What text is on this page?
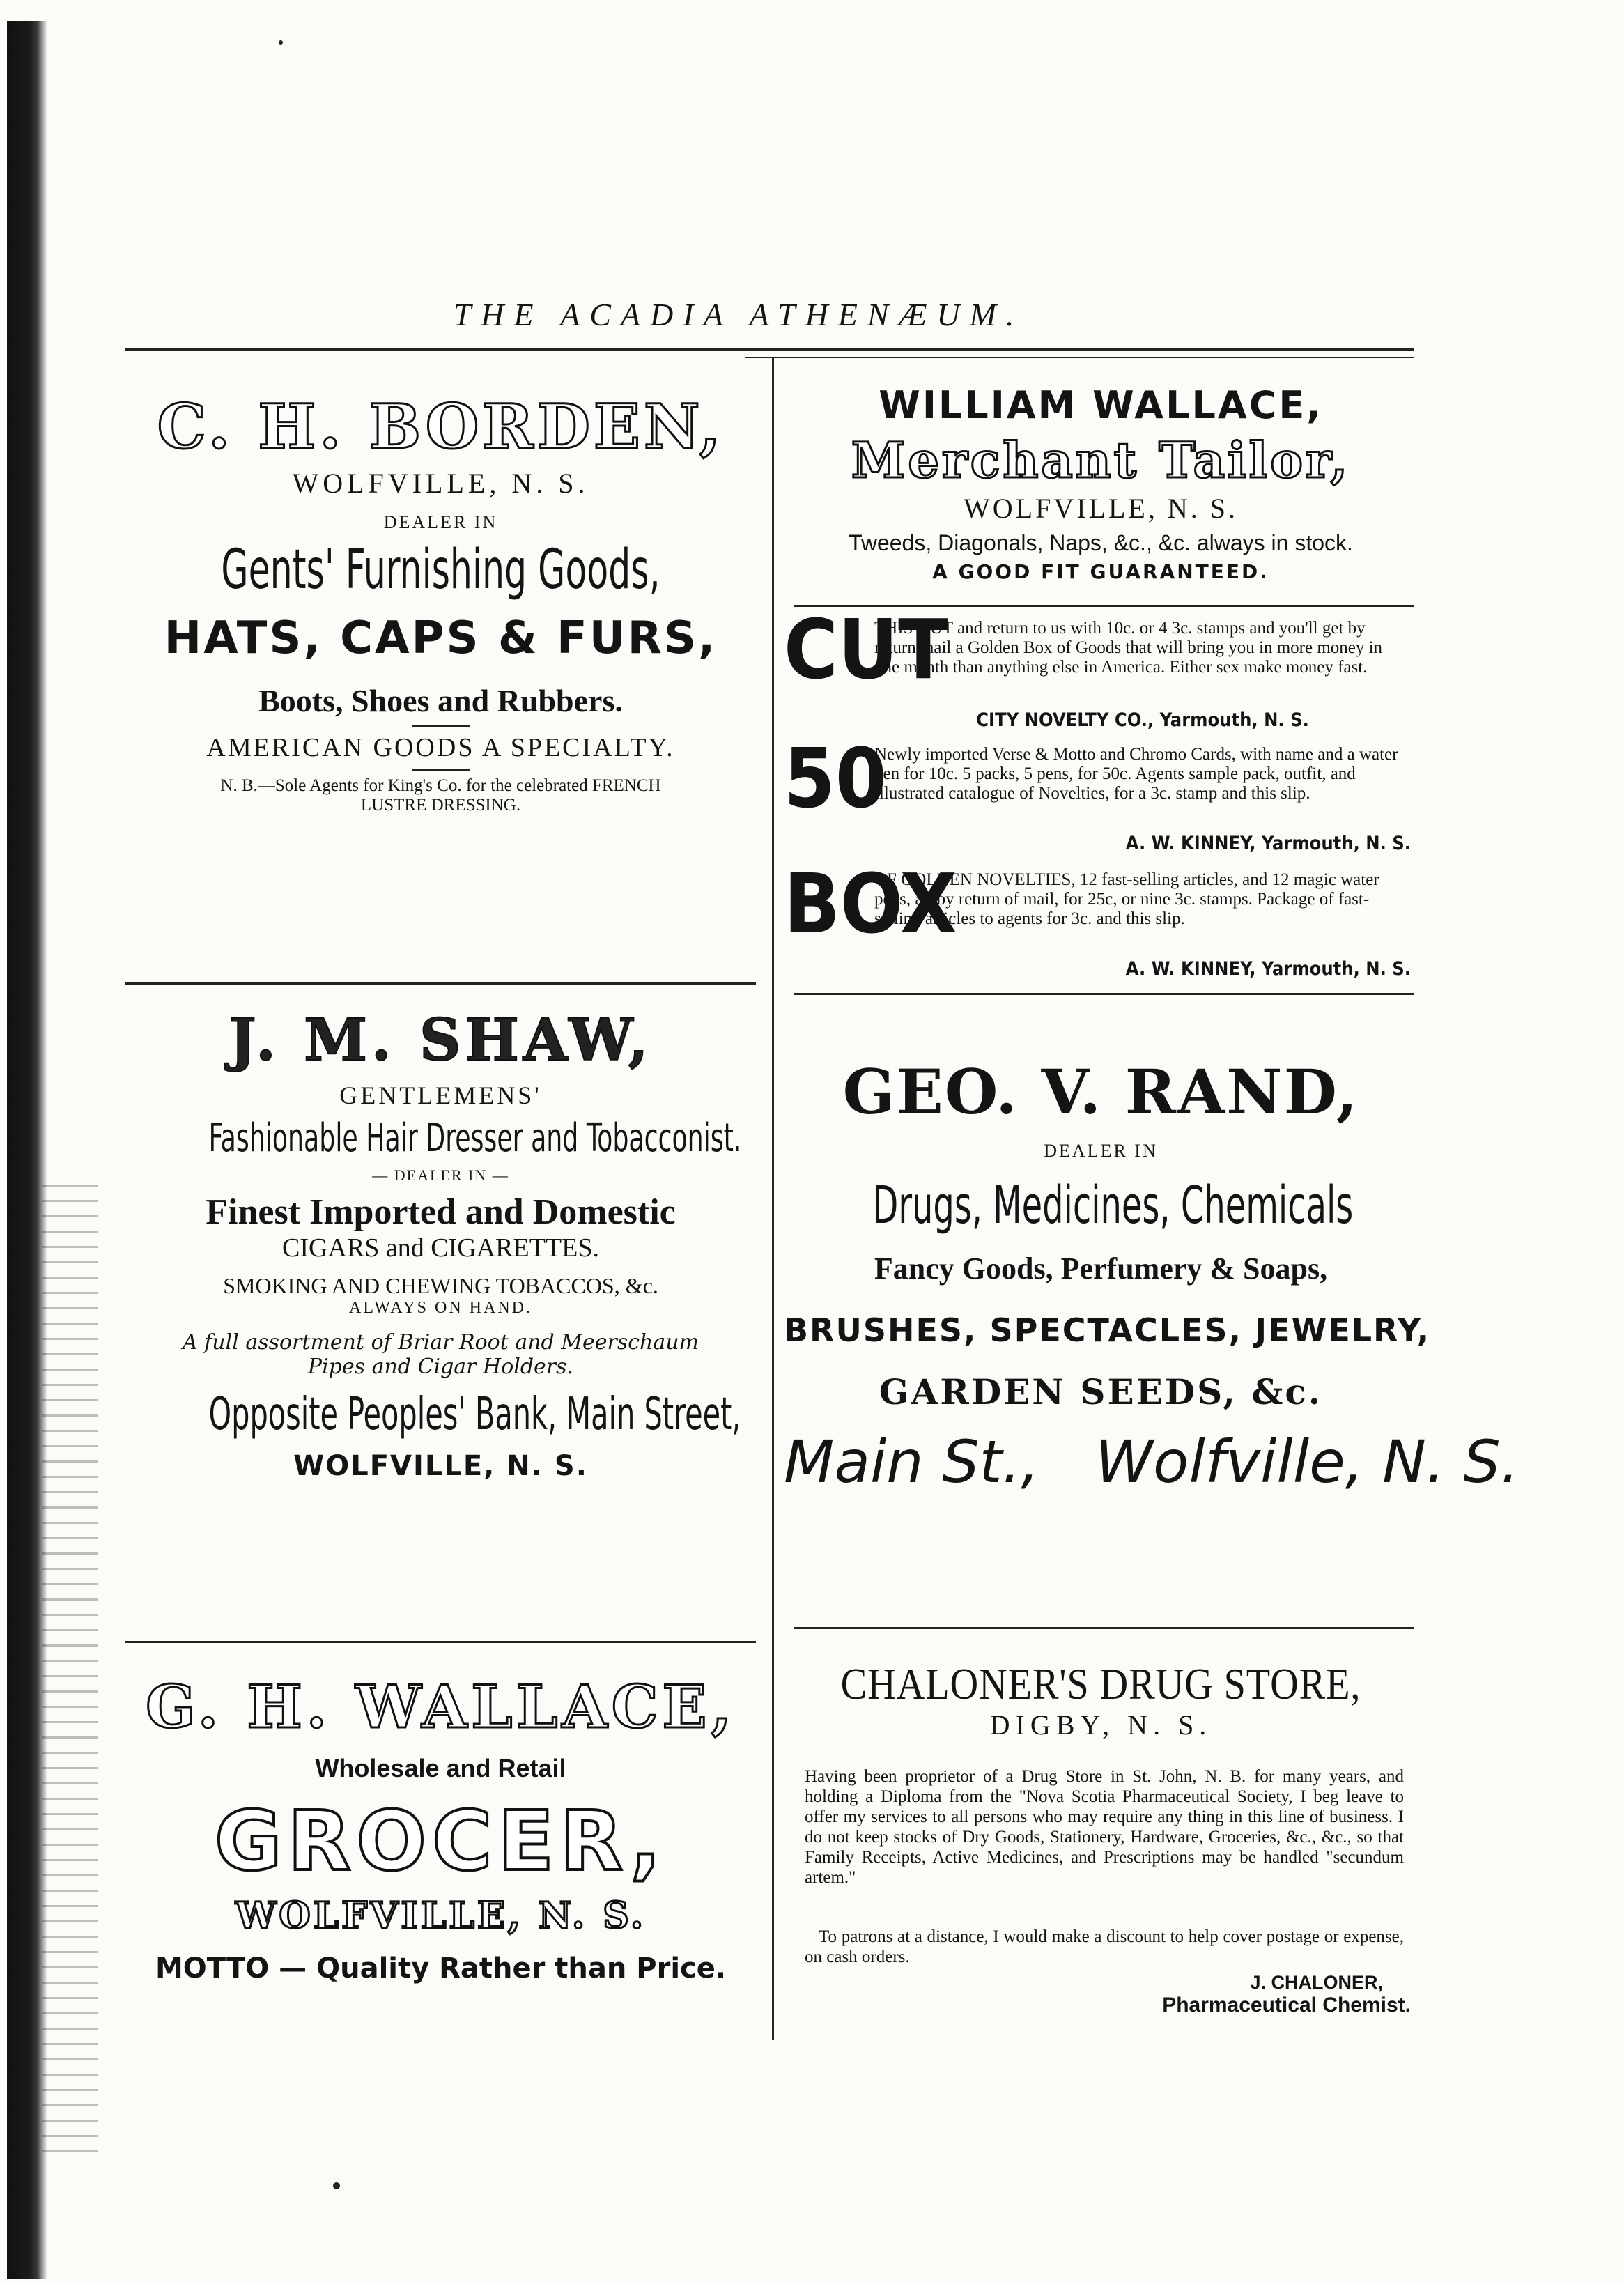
THE ACADIA ATHENÆUM.
C. H. BORDEN,
WOLFVILLE, N. S.
DEALER IN
Gents' Furnishing Goods,
HATS, CAPS & FURS,
Boots, Shoes and Rubbers.
AMERICAN GOODS A SPECIALTY.
N. B.—Sole Agents for King's Co. for the celebrated FRENCH
LUSTRE DRESSING.
J. M. SHAW,
GENTLEMENS'
Fashionable Hair Dresser and Tobacconist.
— DEALER IN —
Finest Imported and Domestic
CIGARS and CIGARETTES.
SMOKING AND CHEWING TOBACCOS, &c.
ALWAYS ON HAND.
A full assortment of Briar Root and Meerschaum
Pipes and Cigar Holders.
Opposite Peoples' Bank, Main Street,
WOLFVILLE, N. S.
G. H. WALLACE,
Wholesale and Retail
GROCER,
WOLFVILLE, N. S.
MOTTO — Quality Rather than Price.
WILLIAM WALLACE,
Merchant Tailor,
WOLFVILLE, N. S.
Tweeds, Diagonals, Naps, &c., &c. always in stock.
A GOOD FIT GUARANTEED.
CUT
THIS OUT and return to us with 10c. or 4 3c. stamps and you'll get by return mail a Golden Box of Goods that will bring you in more money in one month than anything else in America. Either sex make money fast.
CITY NOVELTY CO., Yarmouth, N. S.
50
Newly imported Verse & Motto and Chromo Cards, with name and a water pen for 10c. 5 packs, 5 pens, for 50c. Agents sample pack, outfit, and illustrated catalogue of Novelties, for a 3c. stamp and this slip.
A. W. KINNEY, Yarmouth, N. S.
BOX
OF GOLDEN NOVELTIES, 12 fast-selling articles, and 12 magic water pens, all by return of mail, for 25c, or nine 3c. stamps. Package of fast-selling articles to agents for 3c. and this slip.
A. W. KINNEY, Yarmouth, N. S.
GEO. V. RAND,
DEALER IN
Drugs, Medicines, Chemicals
Fancy Goods, Perfumery & Soaps,
BRUSHES, SPECTACLES, JEWELRY,
GARDEN SEEDS, &c.
Main St.,   Wolfville, N. S.
CHALONER'S DRUG STORE,
DIGBY, N. S.
Having been proprietor of a Drug Store in St. John, N. B. for many years, and holding a Diploma from the "Nova Scotia Pharmaceutical Society, I beg leave to offer my services to all persons who may require any thing in this line of business. I do not keep stocks of Dry Goods, Stationery, Hardware, Groceries, &c., &c., so that Family Receipts, Active Medicines, and Prescriptions may be handled "secundum artem."
To patrons at a distance, I would make a discount to help cover postage or expense, on cash orders.
J. CHALONER,
Pharmaceutical Chemist.
